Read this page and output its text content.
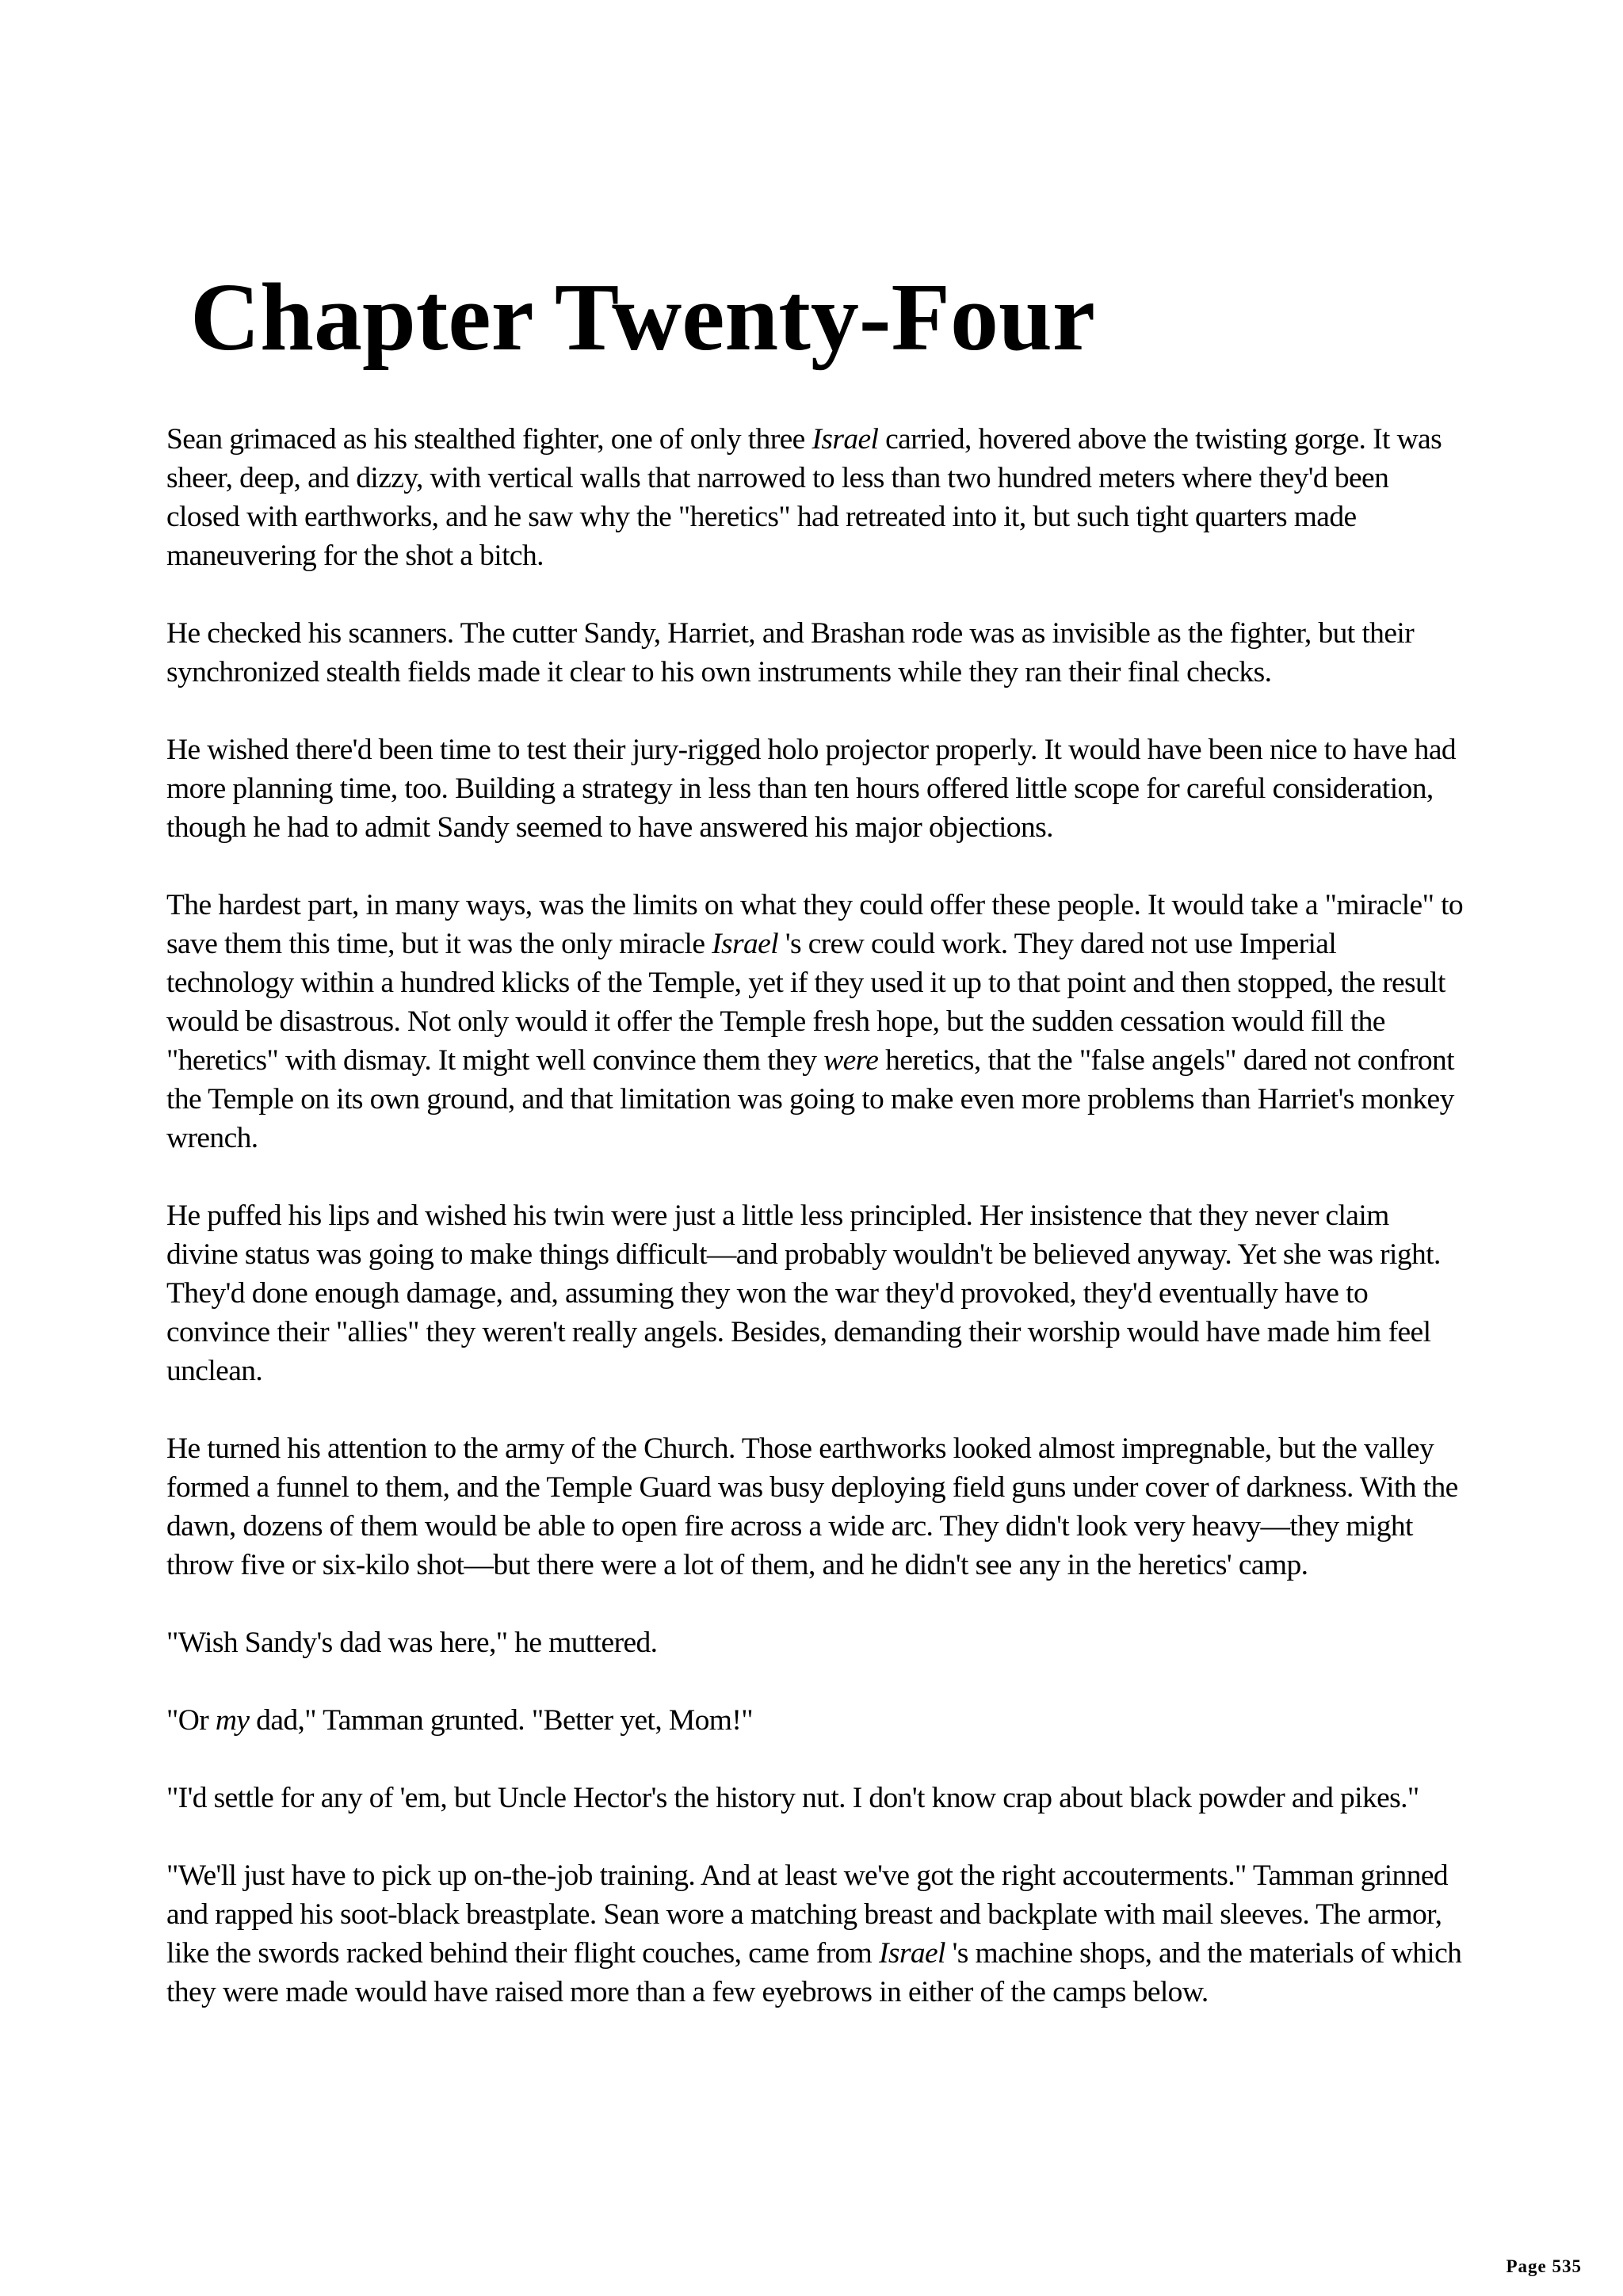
Chapter Twenty-Four

Sean grimaced as his stealthed fighter, one of only three Israel carried, hovered above the twisting gorge. It was sheer, deep, and dizzy, with vertical walls that narrowed to less than two hundred meters where they'd been closed with earthworks, and he saw why the "heretics" had retreated into it, but such tight quarters made maneuvering for the shot a bitch.

He checked his scanners. The cutter Sandy, Harriet, and Brashan rode was as invisible as the fighter, but their synchronized stealth fields made it clear to his own instruments while they ran their final checks.

He wished there'd been time to test their jury-rigged holo projector properly. It would have been nice to have had more planning time, too. Building a strategy in less than ten hours offered little scope for careful consideration, though he had to admit Sandy seemed to have answered his major objections.

The hardest part, in many ways, was the limits on what they could offer these people. It would take a "miracle" to save them this time, but it was the only miracle Israel 's crew could work. They dared not use Imperial technology within a hundred klicks of the Temple, yet if they used it up to that point and then stopped, the result would be disastrous. Not only would it offer the Temple fresh hope, but the sudden cessation would fill the "heretics" with dismay. It might well convince them they were heretics, that the "false angels" dared not confront the Temple on its own ground, and that limitation was going to make even more problems than Harriet's monkey wrench.

He puffed his lips and wished his twin were just a little less principled. Her insistence that they never claim divine status was going to make things difficult—and probably wouldn't be believed anyway. Yet she was right. They'd done enough damage, and, assuming they won the war they'd provoked, they'd eventually have to convince their "allies" they weren't really angels. Besides, demanding their worship would have made him feel unclean.

He turned his attention to the army of the Church. Those earthworks looked almost impregnable, but the valley formed a funnel to them, and the Temple Guard was busy deploying field guns under cover of darkness. With the dawn, dozens of them would be able to open fire across a wide arc. They didn't look very heavy—they might throw five or six-kilo shot—but there were a lot of them, and he didn't see any in the heretics' camp.

"Wish Sandy's dad was here," he muttered.

"Or my dad," Tamman grunted. "Better yet, Mom!"

"I'd settle for any of 'em, but Uncle Hector's the history nut. I don't know crap about black powder and pikes."

"We'll just have to pick up on-the-job training. And at least we've got the right accouterments." Tamman grinned and rapped his soot-black breastplate. Sean wore a matching breast and backplate with mail sleeves. The armor, like the swords racked behind their flight couches, came from Israel 's machine shops, and the materials of which they were made would have raised more than a few eyebrows in either of the camps below.

Page 535
